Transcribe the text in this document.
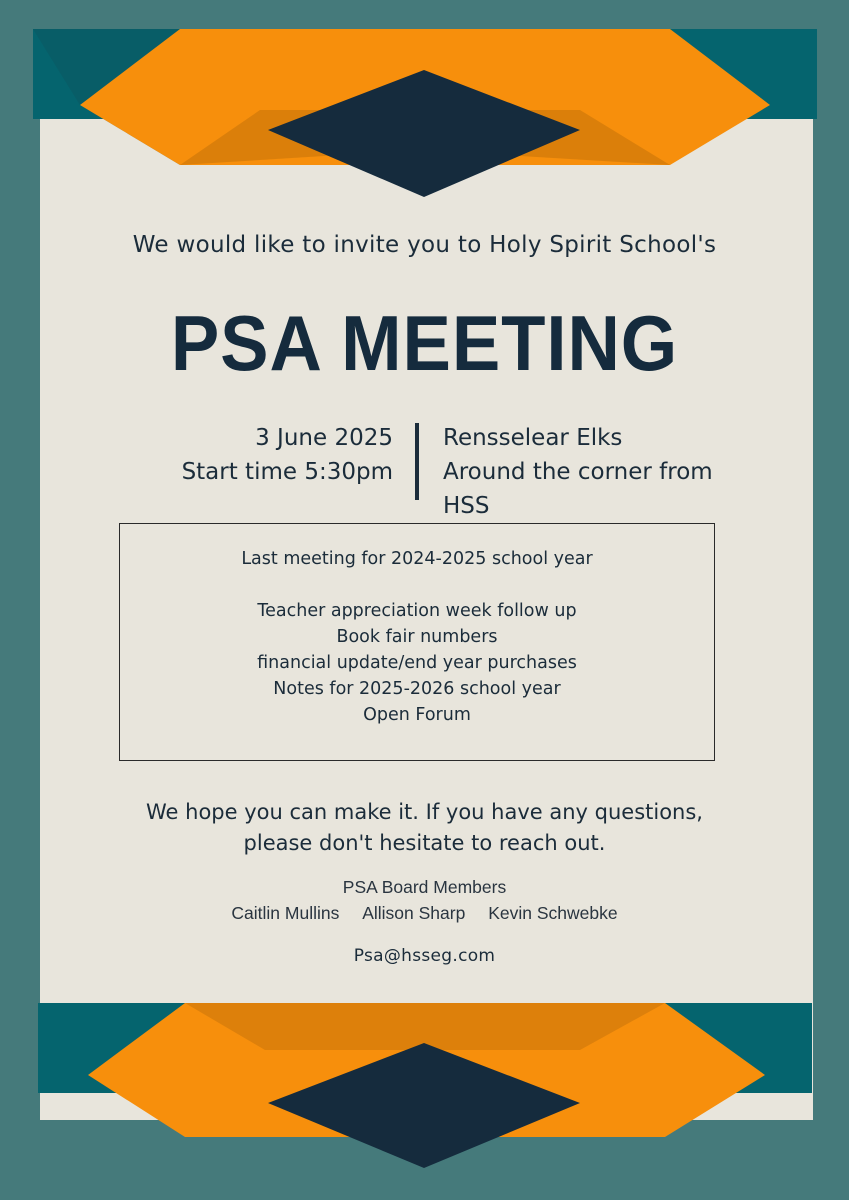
We would like to invite you to Holy Spirit School's
PSA MEETING
3 June 2025
Start time 5:30pm
Rensselear Elks
Around the corner from HSS
Last meeting for 2024-2025 school year
Teacher appreciation week follow up
Book fair numbers
financial update/end year purchases
Notes for 2025-2026 school year
Open Forum
We hope you can make it. If you have any questions,
please don't hesitate to reach out.
PSA Board Members
Caitlin Mullins Allison Sharp Kevin Schwebke
Psa@hsseg.com
